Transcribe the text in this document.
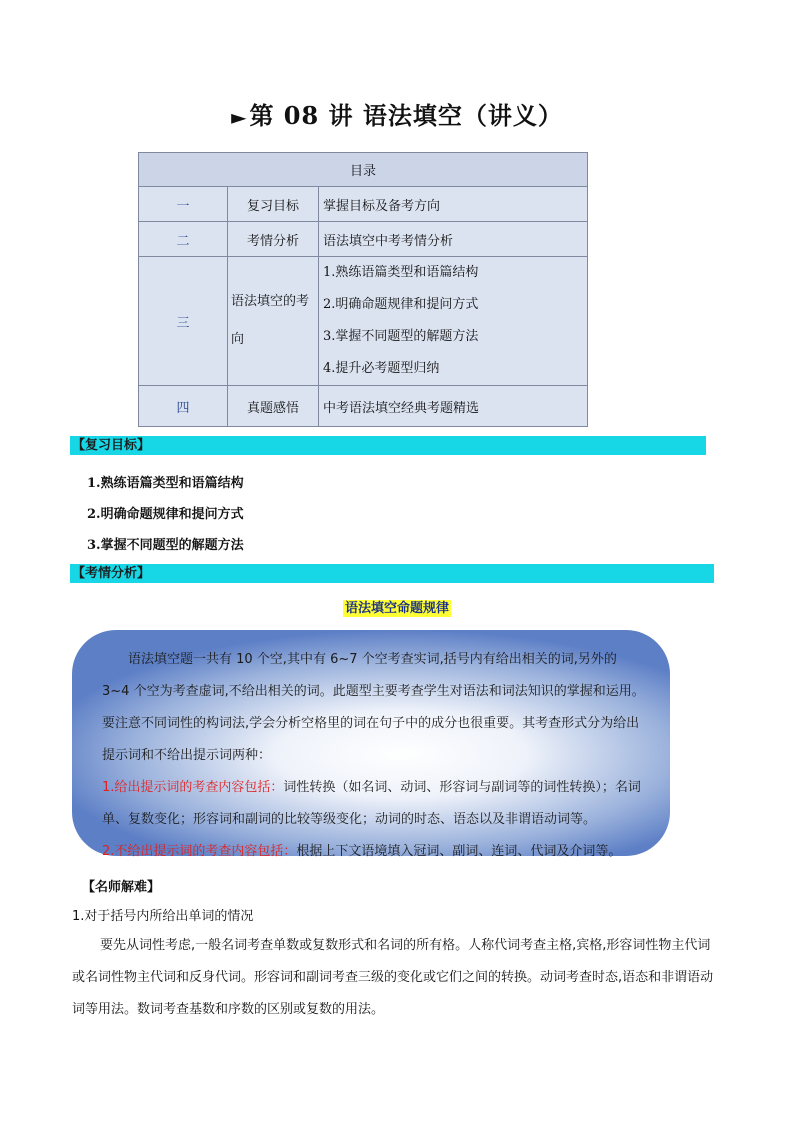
►第 08 讲 语法填空（讲义）
目录		
一	复习目标	掌握目标及备考方向
二	考情分析	语法填空中考考情分析
三	语法填空的考向	1.熟练语篇类型和语篇结构
2.明确命题规律和提问方式
3.掌握不同题型的解题方法
4.提升必考题型归纳

四	真题感悟	中考语法填空经典考题精选
【复习目标】
1.熟练语篇类型和语篇结构
2.明确命题规律和提问方式
3.掌握不同题型的解题方法
【考情分析】
语法填空命题规律

语法填空题一共有 10 个空,其中有 6~7 个空考查实词,括号内有给出相关的词,另外的 3~4 个空为考查虚词,不给出相关的词。此题型主要考查学生对语法和词法知识的掌握和运用。要注意不同词性的构词法,学会分析空格里的词在句子中的成分也很重要。其考查形式分为给出提示词和不给出提示词两种：

1.给出提示词的考查内容包括：词性转换（如名词、动词、形容词与副词等的词性转换）；名词单、复数变化；形容词和副词的比较等级变化；动词的时态、语态以及非谓语动词等。

2.不给出提示词的考查内容包括：根据上下文语境填入冠词、副词、连词、代词及介词等。

【名师解难】
1.对于括号内所给出单词的情况
要先从词性考虑,一般名词考查单数或复数形式和名词的所有格。人称代词考查主格,宾格,形容词性物主代词或名词性物主代词和反身代词。形容词和副词考查三级的变化或它们之间的转换。动词考查时态,语态和非谓语动词等用法。数词考查基数和序数的区别或复数的用法。
